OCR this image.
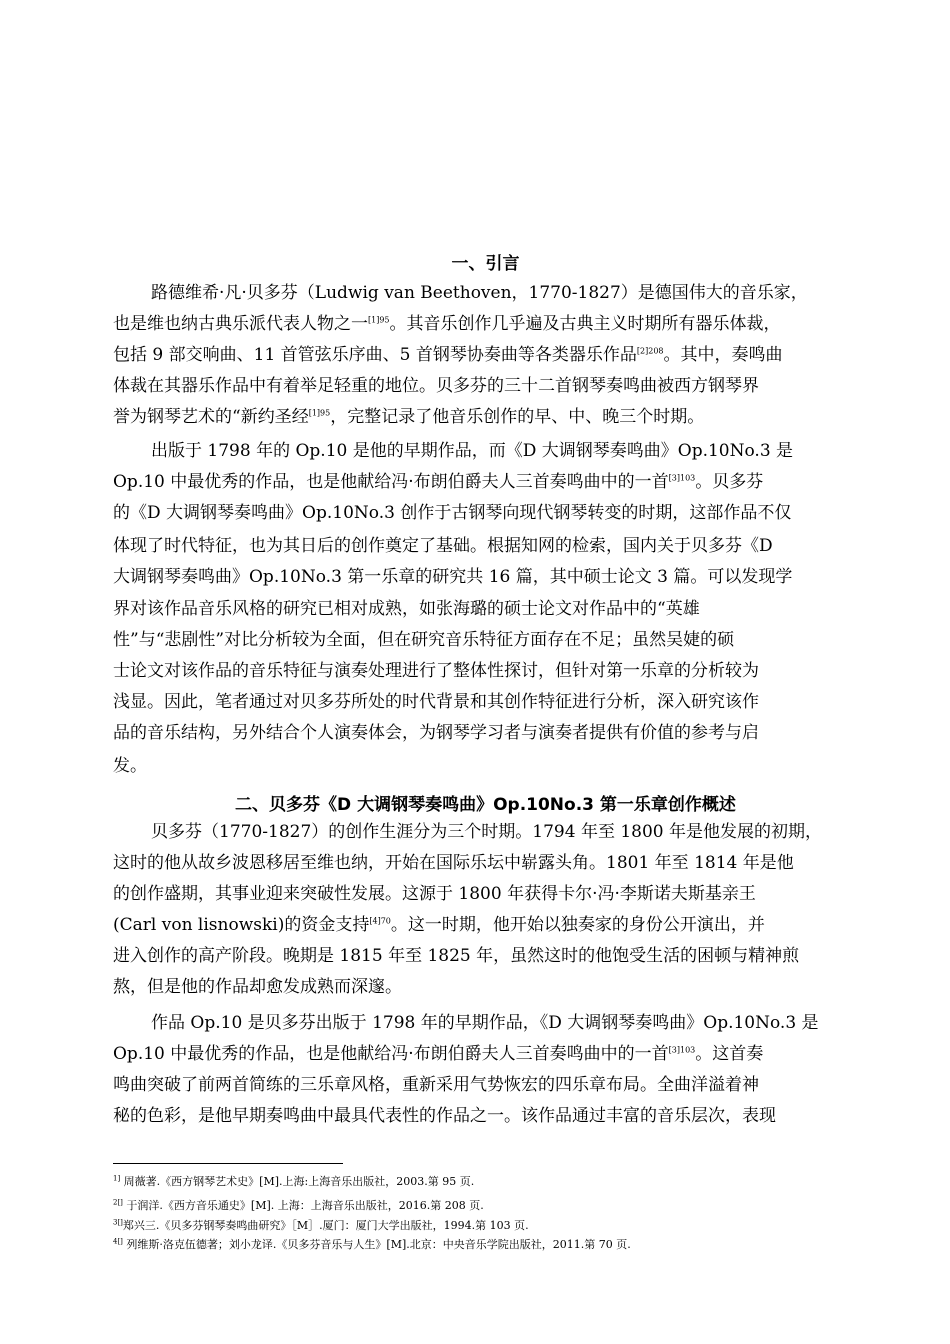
一、引言
路德维希·凡·贝多芬（Ludwig van Beethoven，1770-1827）是德国伟大的音乐家，
也是维也纳古典乐派代表人物之一$^{[1]95}$。其音乐创作几乎遍及古典主义时期所有器乐体裁，
包括 9 部交响曲、11 首管弦乐序曲、5 首钢琴协奏曲等各类器乐作品$^{[2]208}$。其中，奏鸣曲
体裁在其器乐作品中有着举足轻重的地位。贝多芬的三十二首钢琴奏鸣曲被西方钢琴界
誉为钢琴艺术的“新约圣经$^{[1]95}$，完整记录了他音乐创作的早、中、晚三个时期。
出版于 1798 年的 Op.10 是他的早期作品，而《D 大调钢琴奏鸣曲》Op.10No.3 是
Op.10 中最优秀的作品，也是他献给冯·布朗伯爵夫人三首奏鸣曲中的一首$^{[3]103}$。贝多芬
的《D 大调钢琴奏鸣曲》Op.10No.3 创作于古钢琴向现代钢琴转变的时期，这部作品不仅
体现了时代特征，也为其日后的创作奠定了基础。根据知网的检索，国内关于贝多芬《D
大调钢琴奏鸣曲》Op.10No.3 第一乐章的研究共 16 篇，其中硕士论文 3 篇。可以发现学
界对该作品音乐风格的研究已相对成熟，如张海璐的硕士论文对作品中的“英雄
性”与“悲剧性”对比分析较为全面，但在研究音乐特征方面存在不足；虽然吴婕的硕
士论文对该作品的音乐特征与演奏处理进行了整体性探讨，但针对第一乐章的分析较为
浅显。因此，笔者通过对贝多芬所处的时代背景和其创作特征进行分析，深入研究该作
品的音乐结构，另外结合个人演奏体会，为钢琴学习者与演奏者提供有价值的参考与启
发。
二、贝多芬《D 大调钢琴奏鸣曲》Op.10No.3 第一乐章创作概述
贝多芬（1770-1827）的创作生涯分为三个时期。1794 年至 1800 年是他发展的初期，
这时的他从故乡波恩移居至维也纳，开始在国际乐坛中崭露头角。1801 年至 1814 年是他
的创作盛期，其事业迎来突破性发展。这源于 1800 年获得卡尔·冯·李斯诺夫斯基亲王
(Carl von lisnowski)的资金支持$^{[4]70}$。这一时期，他开始以独奏家的身份公开演出，并
进入创作的高产阶段。晚期是 1815 年至 1825 年，虽然这时的他饱受生活的困顿与精神煎
熬，但是他的作品却愈发成熟而深邃。
作品 Op.10 是贝多芬出版于 1798 年的早期作品，《D 大调钢琴奏鸣曲》Op.10No.3 是
Op.10 中最优秀的作品，也是他献给冯·布朗伯爵夫人三首奏鸣曲中的一首$^{[3]103}$。这首奏
鸣曲突破了前两首简练的三乐章风格，重新采用气势恢宏的四乐章布局。全曲洋溢着神
秘的色彩，是他早期奏鸣曲中最具代表性的作品之一。该作品通过丰富的音乐层次，表现
$^{1]}$ 周薇著.《西方钢琴艺术史》[M].上海:上海音乐出版社，2003.第 95 页.
$^{2[]}$ 于润洋.《西方音乐通史》[M]. 上海：上海音乐出版社，2016.第 208 页.
$^{3[]}$郑兴三.《贝多芬钢琴奏鸣曲研究》［M］.厦门：厦门大学出版社，1994.第 103 页.
$^{4[]}$ 列维斯·洛克伍德著；刘小龙译.《贝多芬音乐与人生》[M].北京：中央音乐学院出版社，2011.第 70 页.
